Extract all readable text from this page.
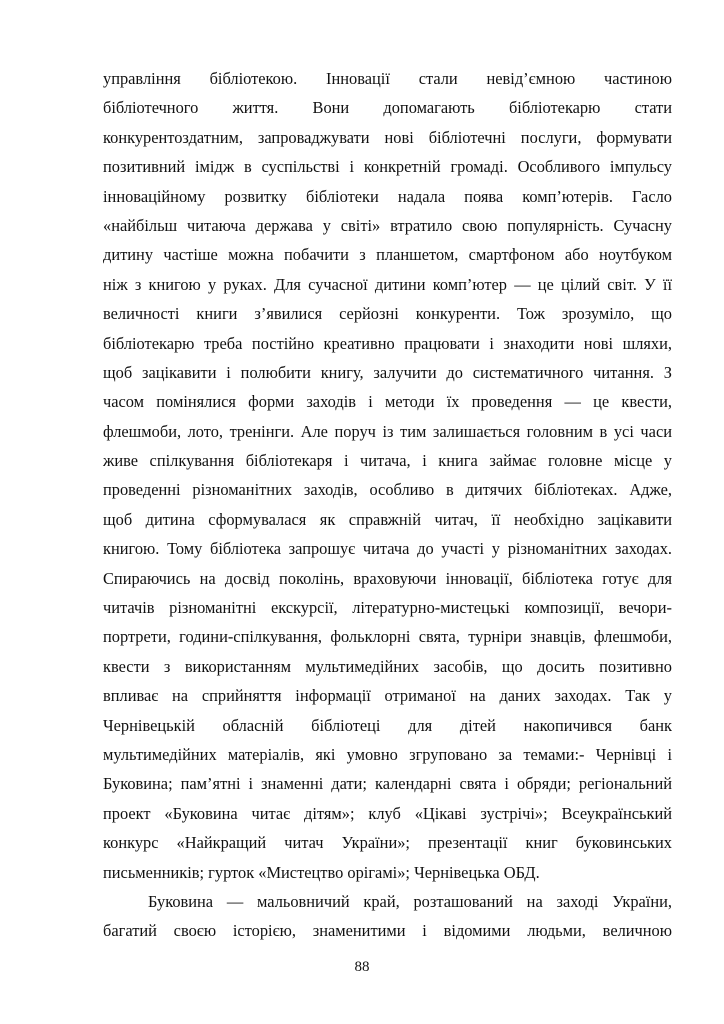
управління бібліотекою. Інновації стали невід’ємною частиною
бібліотечного життя. Вони допомагають бібліотекарю стати
конкурентоздатним, запроваджувати нові бібліотечні послуги, формувати
позитивний імідж в суспільстві і конкретній громаді. Особливого імпульсу
інноваційному розвитку бібліотеки надала поява комп’ютерів. Гасло
«найбільш читаюча держава у світі» втратило свою популярність. Сучасну
дитину частіше можна побачити з планшетом, смартфоном або ноутбуком
ніж з книгою у руках. Для сучасної дитини комп’ютер — це цілий світ. У її
величності книги з’явилися серйозні конкуренти. Тож зрозуміло, що
бібліотекарю треба постійно креативно працювати і знаходити нові шляхи,
щоб зацікавити і полюбити книгу, залучити до систематичного читання. З
часом помінялися форми заходів і методи їх проведення — це квести,
флешмоби, лото, тренінги. Але поруч із тим залишається головним в усі часи
живе спілкування бібліотекаря і читача, і книга займає головне місце у
проведенні різноманітних заходів, особливо в дитячих бібліотеках. Адже,
щоб дитина сформувалася як справжній читач, її необхідно зацікавити
книгою. Тому бібліотека запрошує читача до участі у різноманітних заходах.
Спираючись на досвід поколінь, враховуючи інновації, бібліотека готує для
читачів різноманітні екскурсії, літературно-мистецькі композиції, вечори-
портрети, години-спілкування, фольклорні свята, турніри знавців, флешмоби,
квести з використанням мультимедійних засобів, що досить позитивно
впливає на сприйняття інформації отриманої на даних заходах. Так у
Чернівецькій обласній бібліотеці для дітей накопичився банк
мультимедійних матеріалів, які умовно згруповано за темами:- Чернівці і
Буковина; пам’ятні і знаменні дати; календарні свята і обряди; регіональний
проект «Буковина читає дітям»; клуб «Цікаві зустрічі»; Всеукраїнський
конкурс «Найкращий читач України»; презентації книг буковинських
письменників; гурток «Мистецтво орігамі»; Чернівецька ОБД.
Буковина — мальовничий край, розташований на заході України,
багатий своєю історією, знаменитими і відомими людьми, величною
88
